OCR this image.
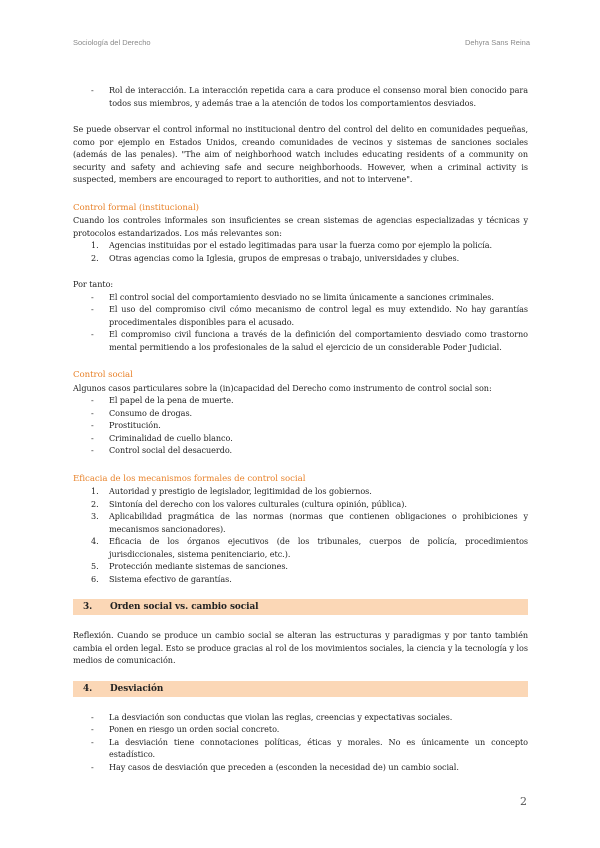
Sociología del Derecho	Dehyra Sans Reina
- Rol de interacción. La interacción repetida cara a cara produce el consenso moral bien conocido para todos sus miembros, y además trae a la atención de todos los comportamientos desviados.

Se puede observar el control informal no institucional dentro del control del delito en comunidades pequeñas, como por ejemplo en Estados Unidos, creando comunidades de vecinos y sistemas de sanciones sociales (además de las penales). "The aim of neighborhood watch includes educating residents of a community on security and safety and achieving safe and secure neighborhoods. However, when a criminal activity is suspected, members are encouraged to report to authorities, and not to intervene".

Control formal (institucional)

Cuando los controles informales son insuficientes se crean sistemas de agencias especializadas y técnicas y protocolos estandarizados. Los más relevantes son:

1. Agencias instituidas por el estado legitimadas para usar la fuerza como por ejemplo la policía.
2. Otras agencias como la Iglesia, grupos de empresas o trabajo, universidades y clubes.

Por tanto:

- El control social del comportamiento desviado no se limita únicamente a sanciones criminales.
- El uso del compromiso civil cómo mecanismo de control legal es muy extendido. No hay garantías procedimentales disponibles para el acusado.
- El compromiso civil funciona a través de la definición del comportamiento desviado como trastorno mental permitiendo a los profesionales de la salud el ejercicio de un considerable Poder Judicial.
Control social

Algunos casos particulares sobre la (in)capacidad del Derecho como instrumento de control social son:

- El papel de la pena de muerte.
- Consumo de drogas.
- Prostitución.
- Criminalidad de cuello blanco.
- Control social del desacuerdo.
Eficacia de los mecanismos formales de control social
1. Autoridad y prestigio de legislador, legitimidad de los gobiernos.
2. Sintonía del derecho con los valores culturales (cultura opinión, pública).
3. Aplicabilidad pragmática de las normas (normas que contienen obligaciones o prohibiciones y mecanismos sancionadores).
4. Eficacia de los órganos ejecutivos (de los tribunales, cuerpos de policía, procedimientos jurisdiccionales, sistema penitenciario, etc.).
5. Protección mediante sistemas de sanciones.
6. Sistema efectivo de garantías.
3. Orden social vs. cambio social

Reflexión. Cuando se produce un cambio social se alteran las estructuras y paradigmas y por tanto también cambia el orden legal. Esto se produce gracias al rol de los movimientos sociales, la ciencia y la tecnología y los medios de comunicación.

4. Desviación
- La desviación son conductas que violan las reglas, creencias y expectativas sociales.
- Ponen en riesgo un orden social concreto.
- La desviación tiene connotaciones políticas, éticas y morales. No es únicamente un concepto estadístico.
- Hay casos de desviación que preceden a (esconden la necesidad de) un cambio social.
2
